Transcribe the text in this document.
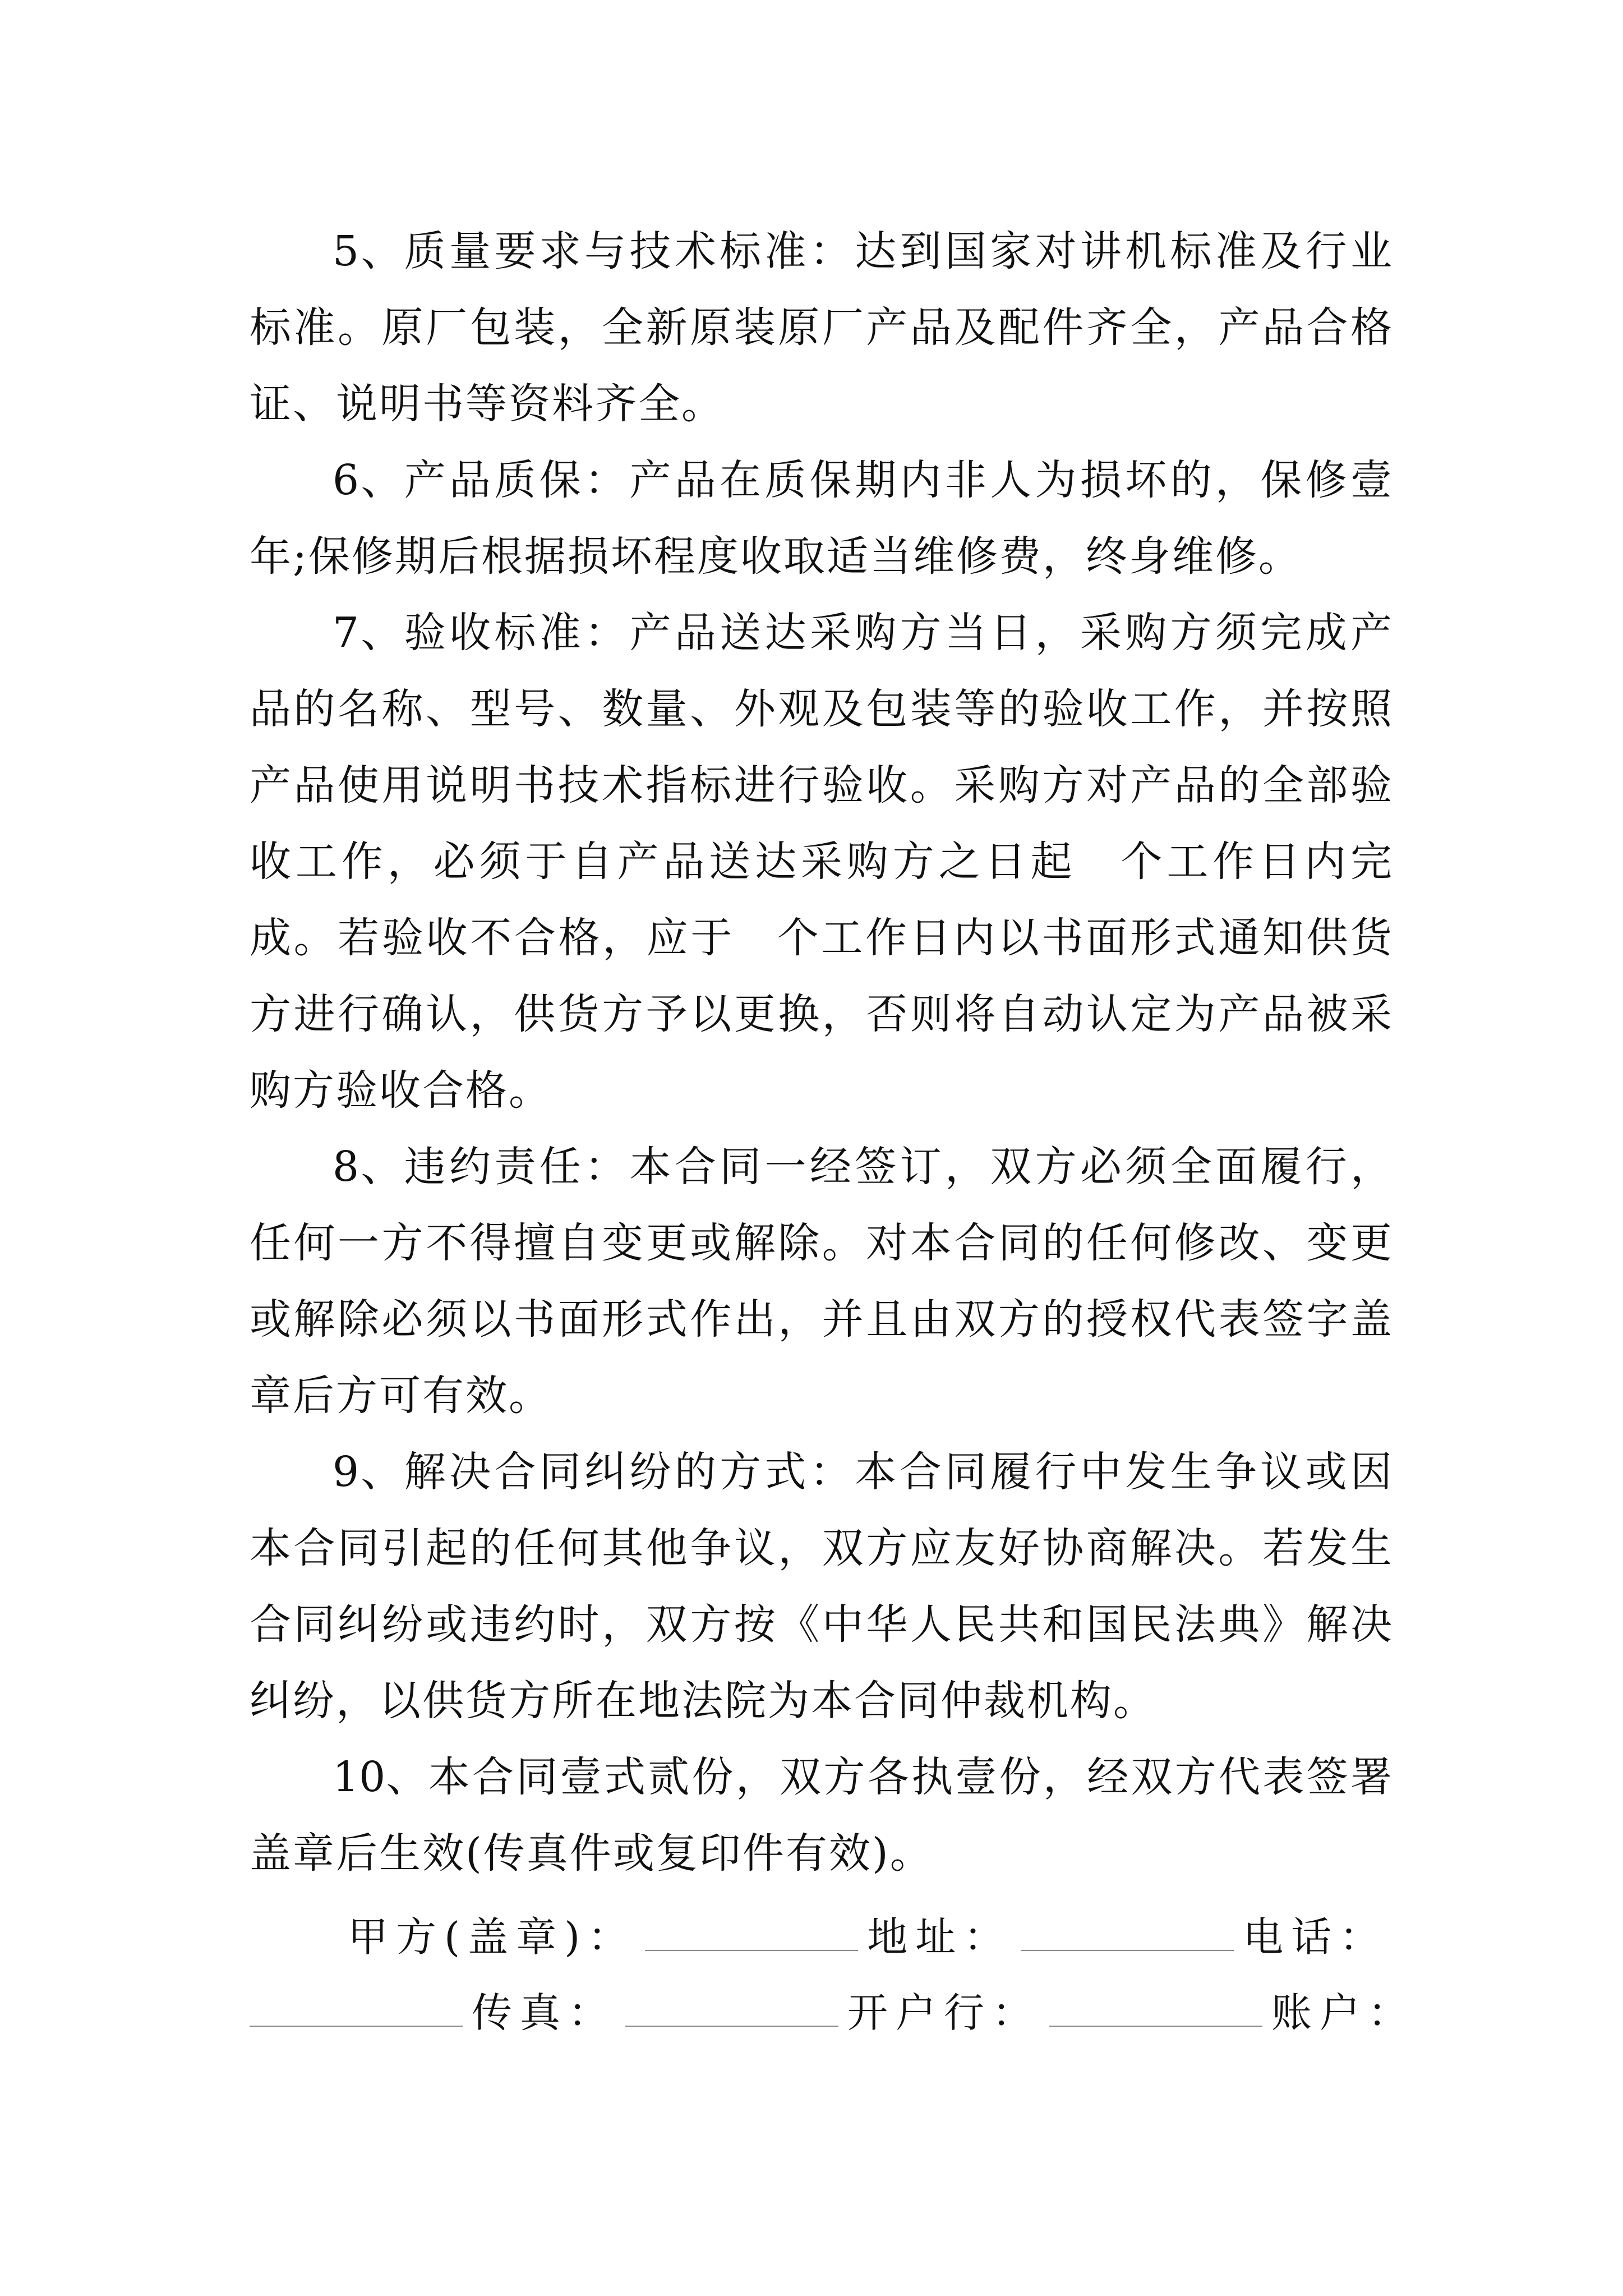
5、质量要求与技术标准：达到国家对讲机标准及行业标准。原厂包装，全新原装原厂产品及配件齐全，产品合格证、说明书等资料齐全。

6、产品质保：产品在质保期内非人为损坏的，保修壹年;保修期后根据损坏程度收取适当维修费，终身维修。

7、验收标准：产品送达采购方当日，采购方须完成产品的名称、型号、数量、外观及包装等的验收工作，并按照产品使用说明书技术指标进行验收。采购方对产品的全部验收工作，必须于自产品送达采购方之日起 个工作日内完成。若验收不合格，应于 个工作日内以书面形式通知供货方进行确认，供货方予以更换，否则将自动认定为产品被采购方验收合格。

8、违约责任：本合同一经签订，双方必须全面履行，任何一方不得擅自变更或解除。对本合同的任何修改、变更或解除必须以书面形式作出，并且由双方的授权代表签字盖章后方可有效。

9、解决合同纠纷的方式：本合同履行中发生争议或因本合同引起的任何其他争议，双方应友好协商解决。若发生合同纠纷或违约时，双方按《中华人民共和国民法典》解决纠纷，以供货方所在地法院为本合同仲裁机构。

10、本合同壹式贰份，双方各执壹份，经双方代表签署盖章后生效(传真件或复印件有效)。

甲方(盖章)：	地址：	电话：
传真：	开户行：	账户：
